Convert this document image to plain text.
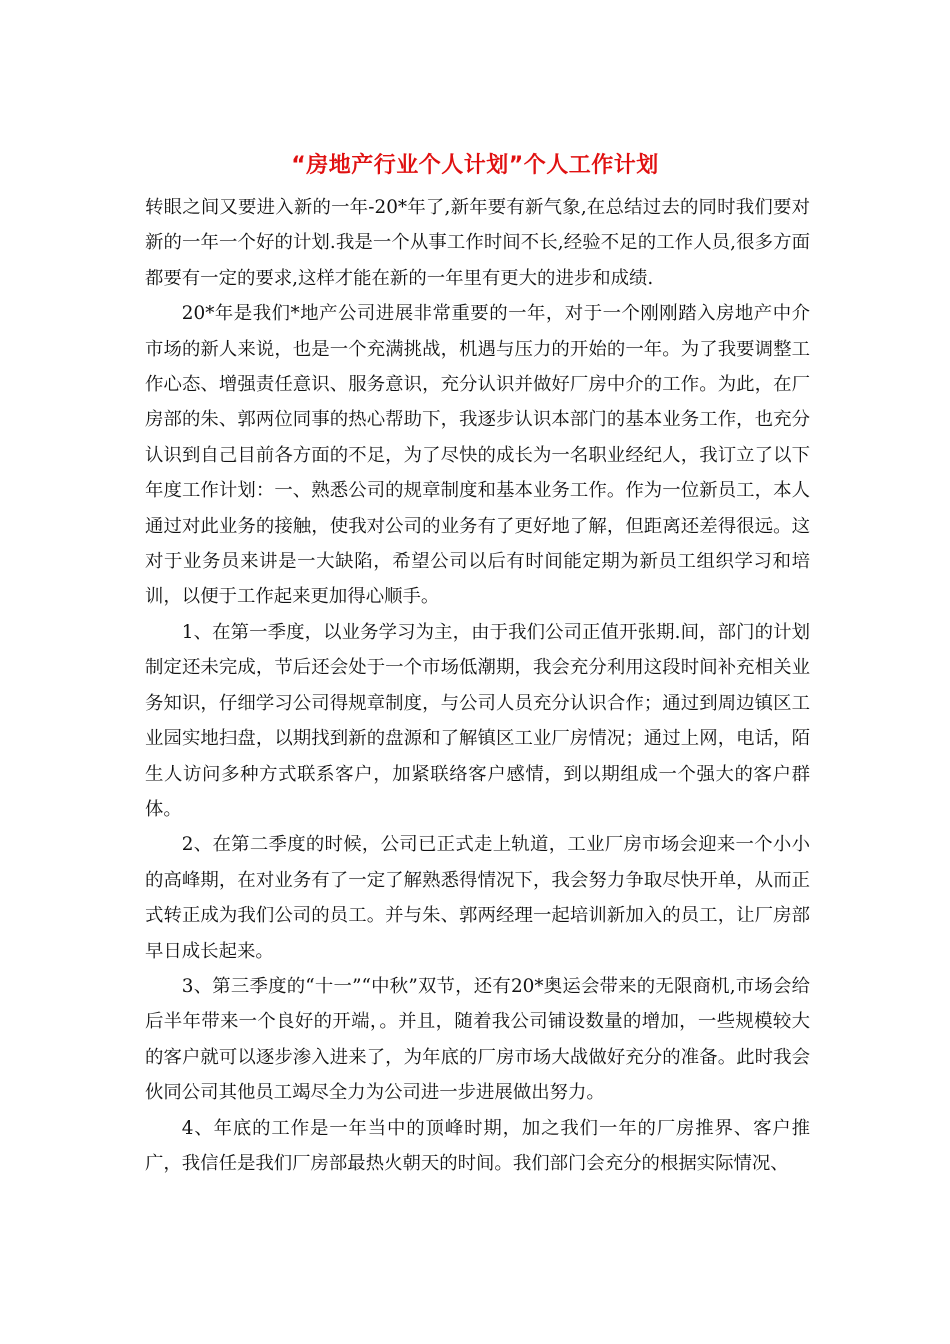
“房地产行业个人计划”个人工作计划

转眼之间又要进入新的一年-20*年了,新年要有新气象,在总结过去的同时我们要对新的一年一个好的计划.我是一个从事工作时间不长,经验不足的工作人员,很多方面都要有一定的要求,这样才能在新的一年里有更大的进步和成绩.

20*年是我们*地产公司进展非常重要的一年，对于一个刚刚踏入房地产中介市场的新人来说，也是一个充满挑战，机遇与压力的开始的一年。为了我要调整工作心态、增强责任意识、服务意识，充分认识并做好厂房中介的工作。为此，在厂房部的朱、郭两位同事的热心帮助下，我逐步认识本部门的基本业务工作，也充分认识到自己目前各方面的不足，为了尽快的成长为一名职业经纪人，我订立了以下年度工作计划：一、熟悉公司的规章制度和基本业务工作。作为一位新员工，本人通过对此业务的接触，使我对公司的业务有了更好地了解，但距离还差得很远。这对于业务员来讲是一大缺陷，希望公司以后有时间能定期为新员工组织学习和培训，以便于工作起来更加得心顺手。

1、在第一季度，以业务学习为主，由于我们公司正值开张期.间，部门的计划制定还未完成，节后还会处于一个市场低潮期，我会充分利用这段时间补充相关业务知识，仔细学习公司得规章制度，与公司人员充分认识合作；通过到周边镇区工业园实地扫盘，以期找到新的盘源和了解镇区工业厂房情况；通过上网，电话，陌生人访问多种方式联系客户，加紧联络客户感情，到以期组成一个强大的客户群体。

2、在第二季度的时候，公司已正式走上轨道，工业厂房市场会迎来一个小小的高峰期，在对业务有了一定了解熟悉得情况下，我会努力争取尽快开单，从而正式转正成为我们公司的员工。并与朱、郭两经理一起培训新加入的员工，让厂房部早日成长起来。

3、第三季度的“十一”“中秋”双节，还有20*奥运会带来的无限商机,市场会给后半年带来一个良好的开端，。并且，随着我公司铺设数量的增加，一些规模较大的客户就可以逐步渗入进来了，为年底的厂房市场大战做好充分的准备。此时我会伙同公司其他员工竭尽全力为公司进一步进展做出努力。

4、年底的工作是一年当中的顶峰时期，加之我们一年的厂房推界、客户推广，我信任是我们厂房部最热火朝天的时间。我们部门会充分的根据实际情况、
